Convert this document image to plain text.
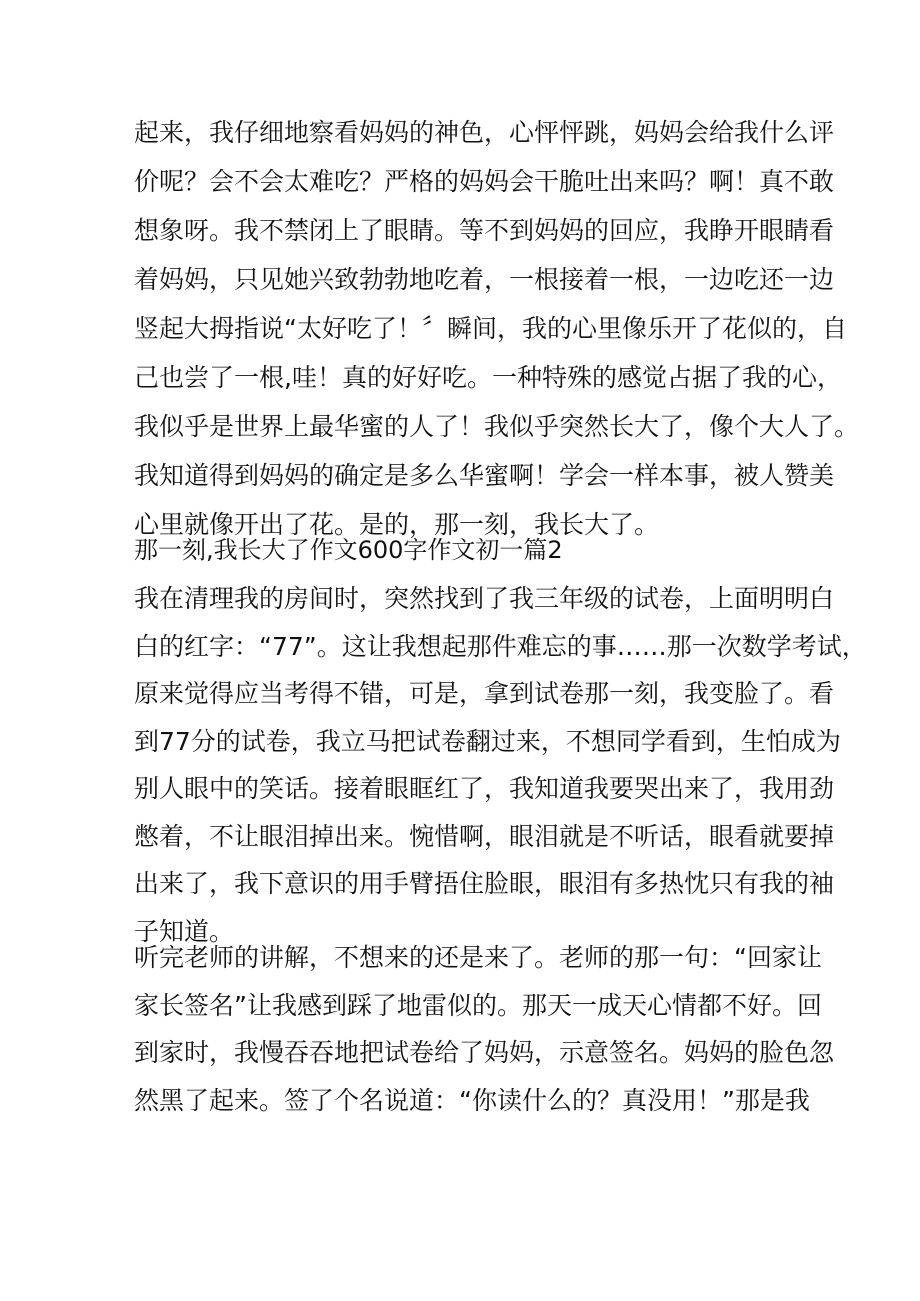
起来，我仔细地察看妈妈的神色，心怦怦跳，妈妈会给我什么评

价呢？会不会太难吃？严格的妈妈会干脆吐出来吗？啊！真不敢

想象呀。我不禁闭上了眼睛。等不到妈妈的回应，我睁开眼睛看

着妈妈，只见她兴致勃勃地吃着，一根接着一根，一边吃还一边

竖起大拇指说“太好吃了！〞瞬间，我的心里像乐开了花似的，自

己也尝了一根,哇！真的好好吃。一种特殊的感觉占据了我的心，

我似乎是世界上最华蜜的人了！我似乎突然长大了，像个大人了。

我知道得到妈妈的确定是多么华蜜啊！学会一样本事，被人赞美

心里就像开出了花。是的，那一刻，我长大了。

那一刻,我长大了作文600字作文初一篇2

我在清理我的房间时，突然找到了我三年级的试卷，上面明明白

白的红字：“77”。这让我想起那件难忘的事……那一次数学考试，

原来觉得应当考得不错，可是，拿到试卷那一刻，我变脸了。看

到77分的试卷，我立马把试卷翻过来，不想同学看到，生怕成为

别人眼中的笑话。接着眼眶红了，我知道我要哭出来了，我用劲

憋着，不让眼泪掉出来。惋惜啊，眼泪就是不听话，眼看就要掉

出来了，我下意识的用手臂捂住脸眼，眼泪有多热忱只有我的袖

子知道。

听完老师的讲解，不想来的还是来了。老师的那一句：“回家让

家长签名”让我感到踩了地雷似的。那天一成天心情都不好。回

到家时，我慢吞吞地把试卷给了妈妈，示意签名。妈妈的脸色忽

然黑了起来。签了个名说道：“你读什么的？真没用！”那是我
